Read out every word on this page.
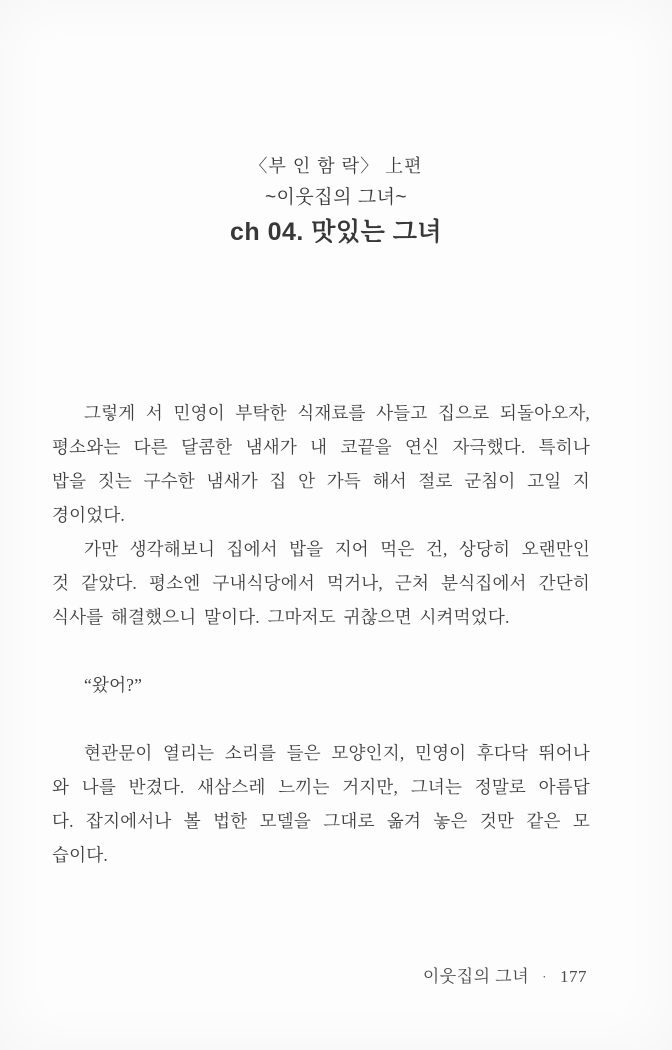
〈부 인 함 락〉 上편
~이웃집의 그녀~
ch 04. 맛있는 그녀
그렇게 서 민영이 부탁한 식재료를 사들고 집으로 되돌아오자,
평소와는 다른 달콤한 냄새가 내 코끝을 연신 자극했다. 특히나
밥을 짓는 구수한 냄새가 집 안 가득 해서 절로 군침이 고일 지
경이었다.
가만 생각해보니 집에서 밥을 지어 먹은 건, 상당히 오랜만인
것 같았다. 평소엔 구내식당에서 먹거나, 근처 분식집에서 간단히
식사를 해결했으니 말이다. 그마저도 귀찮으면 시켜먹었다.
“왔어?”
현관문이 열리는 소리를 들은 모양인지, 민영이 후다닥 뛰어나
와 나를 반겼다. 새삼스레 느끼는 거지만, 그녀는 정말로 아름답
다. 잡지에서나 볼 법한 모델을 그대로 옮겨 놓은 것만 같은 모
습이다.
이웃집의 그녀 · 177
